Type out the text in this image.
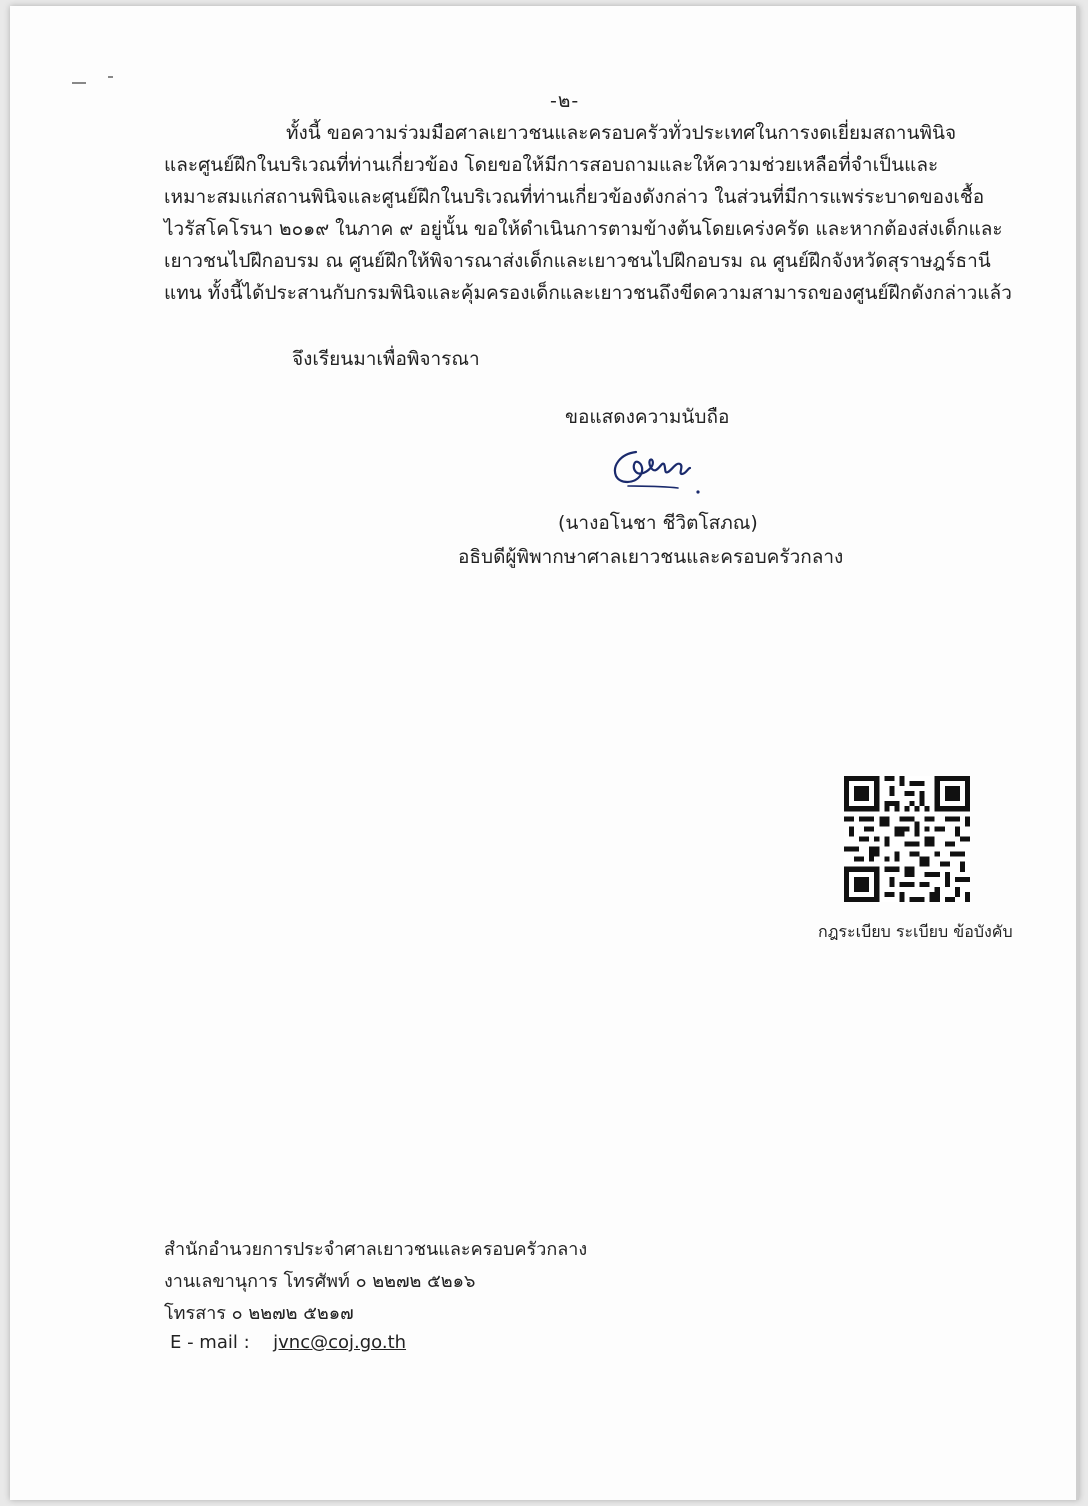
-๒-
ทั้งนี้ ขอความร่วมมือศาลเยาวชนและครอบครัวทั่วประเทศในการงดเยี่ยมสถานพินิจ
และศูนย์ฝึกในบริเวณที่ท่านเกี่ยวข้อง โดยขอให้มีการสอบถามและให้ความช่วยเหลือที่จำเป็นและ
เหมาะสมแก่สถานพินิจและศูนย์ฝึกในบริเวณที่ท่านเกี่ยวข้องดังกล่าว ในส่วนที่มีการแพร่ระบาดของเชื้อ
ไวรัสโคโรนา ๒๐๑๙ ในภาค ๙ อยู่นั้น ขอให้ดำเนินการตามข้างต้นโดยเคร่งครัด และหากต้องส่งเด็กและ
เยาวชนไปฝึกอบรม ณ ศูนย์ฝึกให้พิจารณาส่งเด็กและเยาวชนไปฝึกอบรม ณ ศูนย์ฝึกจังหวัดสุราษฎร์ธานี
แทน ทั้งนี้ได้ประสานกับกรมพินิจและคุ้มครองเด็กและเยาวชนถึงขีดความสามารถของศูนย์ฝึกดังกล่าวแล้ว
จึงเรียนมาเพื่อพิจารณา
ขอแสดงความนับถือ
(นางอโนชา ชีวิตโสภณ)
อธิบดีผู้พิพากษาศาลเยาวชนและครอบครัวกลาง
กฎระเบียบ ระเบียบ ข้อบังคับ
สำนักอำนวยการประจำศาลเยาวชนและครอบครัวกลาง
งานเลขานุการ โทรศัพท์ ๐ ๒๒๗๒ ๕๒๑๖
โทรสาร ๐ ๒๒๗๒ ๕๒๑๗
E - mail : jvnc@coj.go.th
